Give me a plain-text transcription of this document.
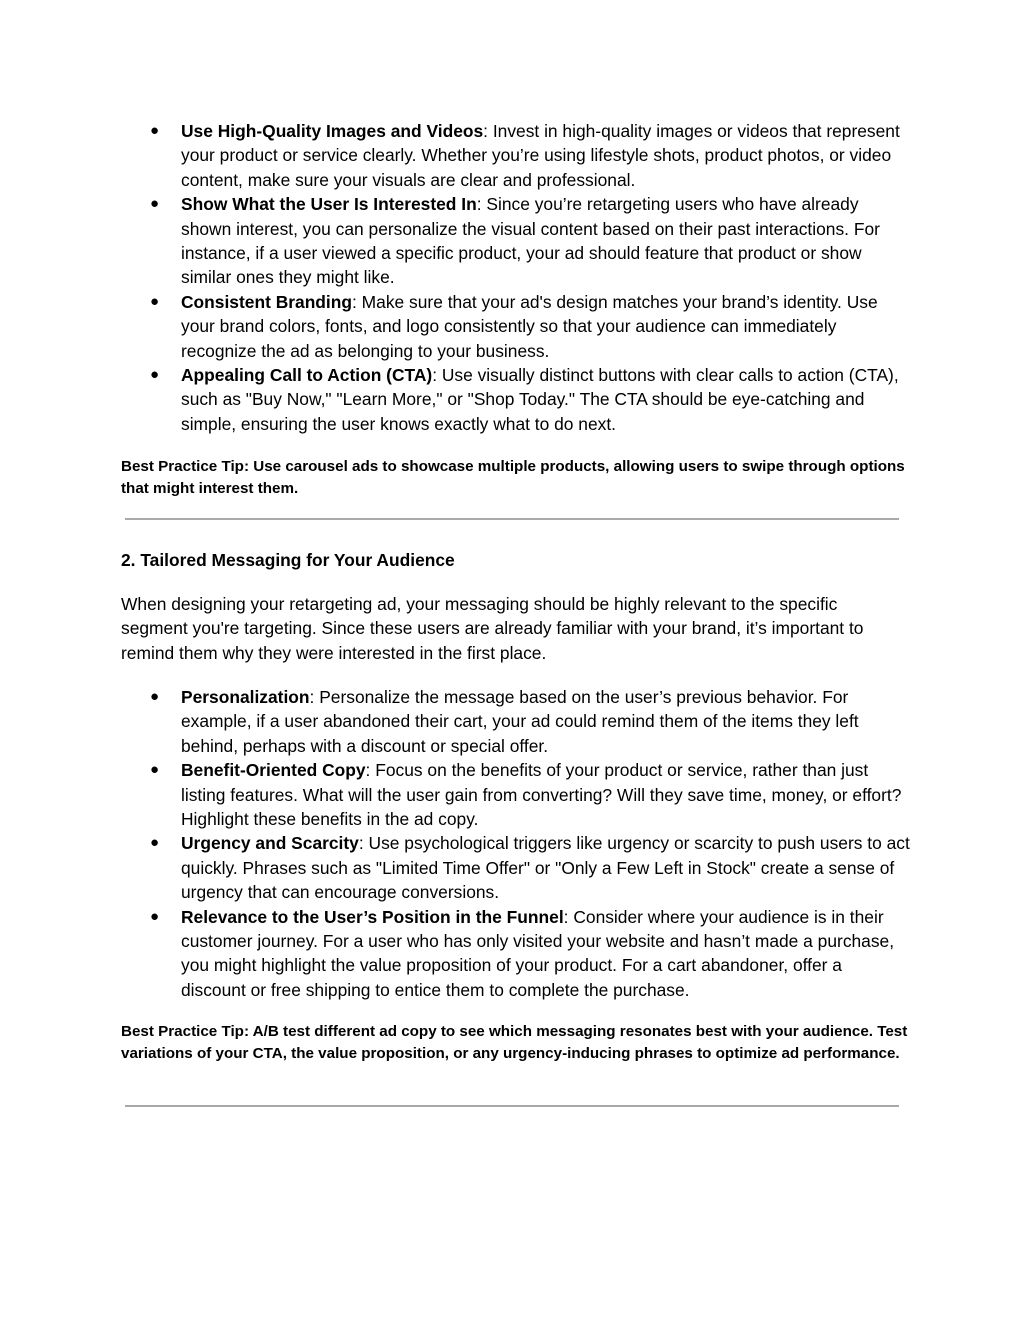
● Use High-Quality Images and Videos: Invest in high-quality images or videos that represent your product or service clearly. Whether you’re using lifestyle shots, product photos, or video content, make sure your visuals are clear and professional.
● Show What the User Is Interested In: Since you’re retargeting users who have already shown interest, you can personalize the visual content based on their past interactions. For instance, if a user viewed a specific product, your ad should feature that product or show similar ones they might like.
● Consistent Branding: Make sure that your ad's design matches your brand’s identity. Use your brand colors, fonts, and logo consistently so that your audience can immediately recognize the ad as belonging to your business.
● Appealing Call to Action (CTA): Use visually distinct buttons with clear calls to action (CTA), such as "Buy Now," "Learn More," or "Shop Today." The CTA should be eye-catching and simple, ensuring the user knows exactly what to do next.

Best Practice Tip: Use carousel ads to showcase multiple products, allowing users to swipe through options that might interest them.

2. Tailored Messaging for Your Audience

When designing your retargeting ad, your messaging should be highly relevant to the specific segment you're targeting. Since these users are already familiar with your brand, it’s important to remind them why they were interested in the first place.

● Personalization: Personalize the message based on the user’s previous behavior. For example, if a user abandoned their cart, your ad could remind them of the items they left behind, perhaps with a discount or special offer.
● Benefit-Oriented Copy: Focus on the benefits of your product or service, rather than just listing features. What will the user gain from converting? Will they save time, money, or effort? Highlight these benefits in the ad copy.
● Urgency and Scarcity: Use psychological triggers like urgency or scarcity to push users to act quickly. Phrases such as "Limited Time Offer" or "Only a Few Left in Stock" create a sense of urgency that can encourage conversions.
● Relevance to the User’s Position in the Funnel: Consider where your audience is in their customer journey. For a user who has only visited your website and hasn’t made a purchase, you might highlight the value proposition of your product. For a cart abandoner, offer a discount or free shipping to entice them to complete the purchase.

Best Practice Tip: A/B test different ad copy to see which messaging resonates best with your audience. Test variations of your CTA, the value proposition, or any urgency-inducing phrases to optimize ad performance.
